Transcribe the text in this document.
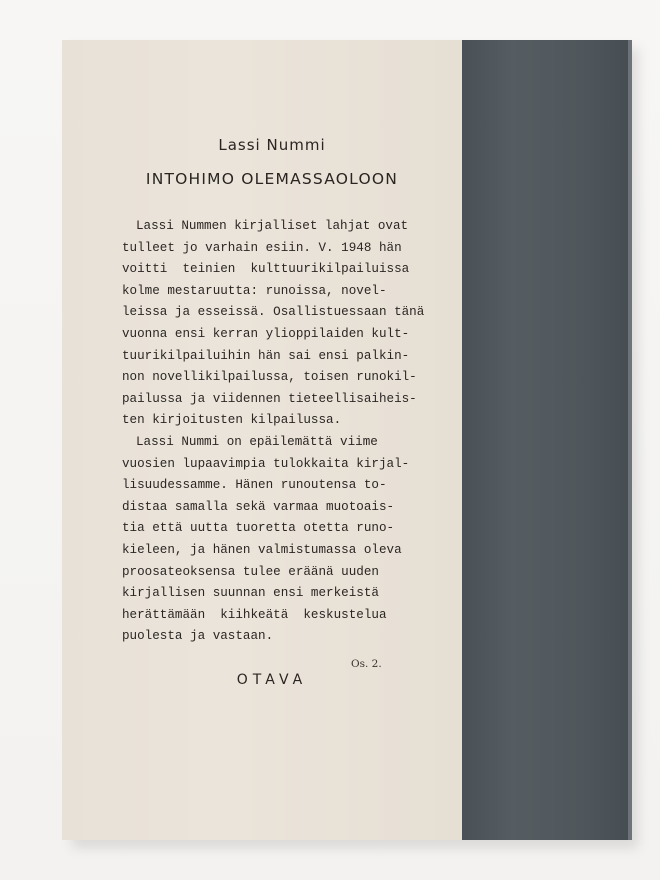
Lassi Nummi
INTOHIMO OLEMASSAOLOON
Lassi Nummen kirjalliset lahjat ovat
tulleet jo varhain esiin. V. 1948 hän
voitti  teinien  kulttuurikilpailuissa
kolme mestaruutta: runoissa, novel-
leissa ja esseissä. Osallistuessaan tänä
vuonna ensi kerran ylioppilaiden kult-
tuurikilpailuihin hän sai ensi palkin-
non novellikilpailussa, toisen runokil-
pailussa ja viidennen tieteellisaiheis-
ten kirjoitusten kilpailussa.
Lassi Nummi on epäilemättä viime
vuosien lupaavimpia tulokkaita kirjal-
lisuudessamme. Hänen runoutensa to-
distaa samalla sekä varmaa muotoais-
tia että uutta tuoretta otetta runo-
kieleen, ja hänen valmistumassa oleva
proosateoksensa tulee eräänä uuden
kirjallisen suunnan ensi merkeistä
herättämään  kiihkeätä  keskustelua
puolesta ja vastaan.
OTAVA
Os. 2.
